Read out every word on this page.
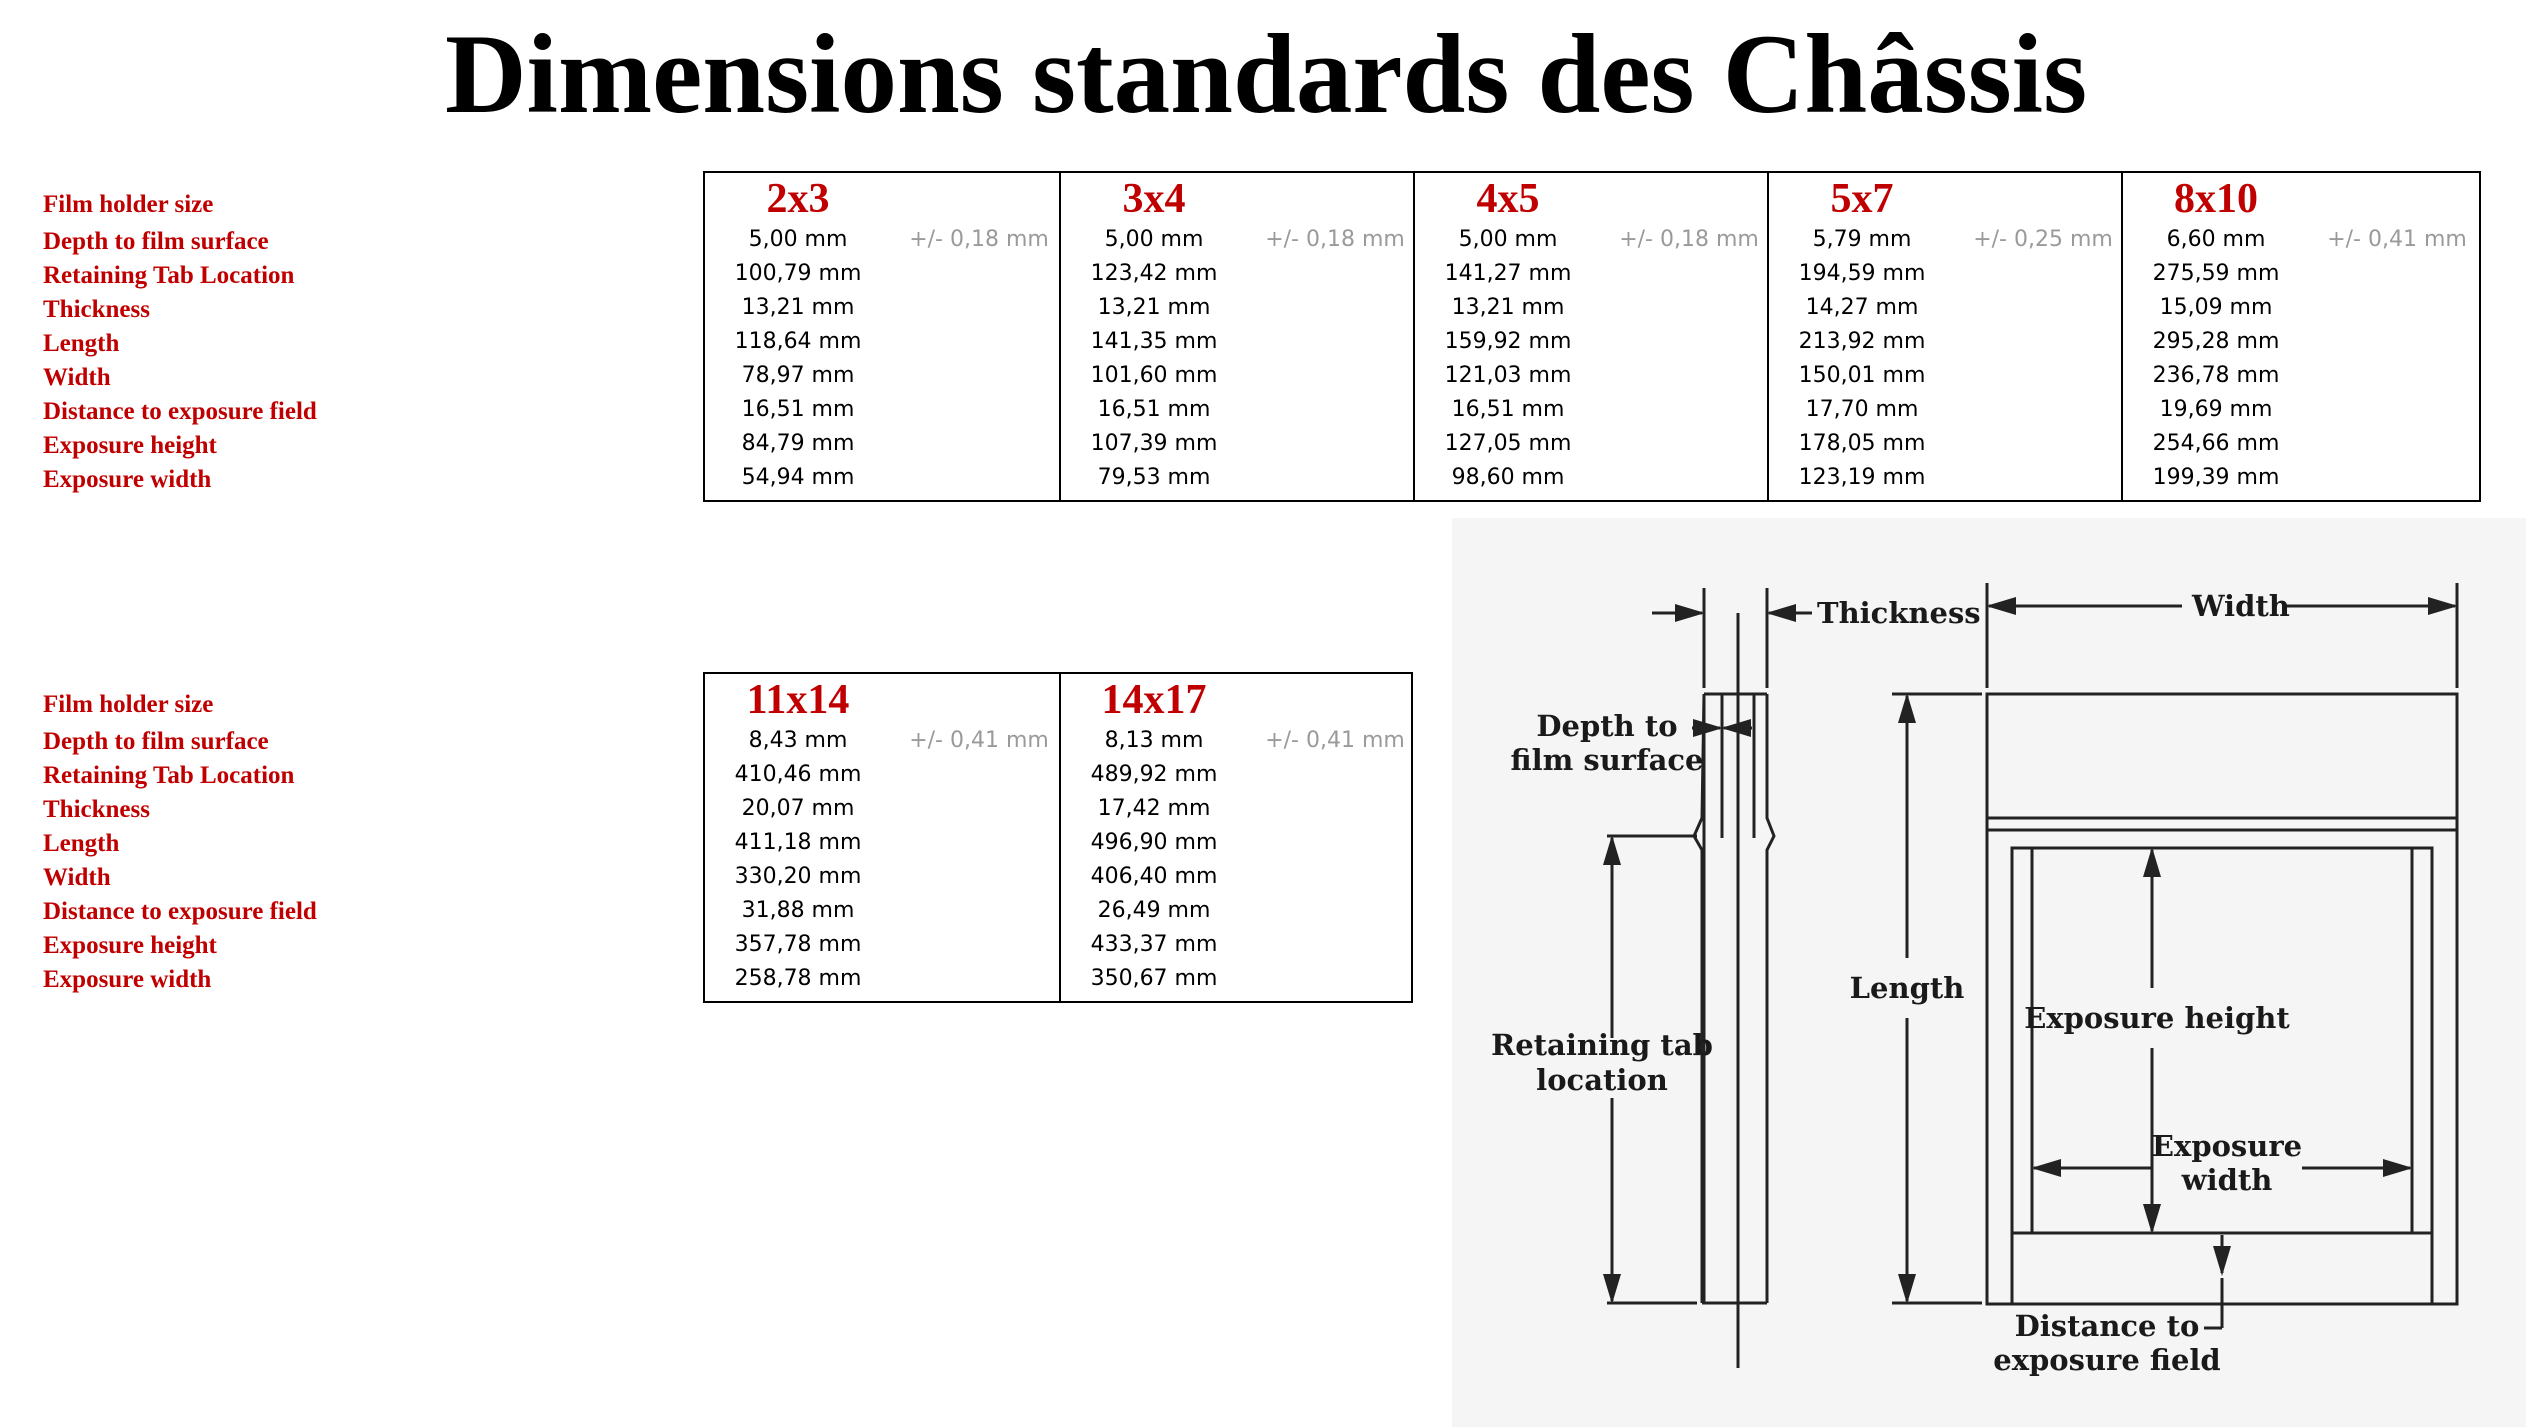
Dimensions standards des Châssis
Film holder size
Depth to film surface
Retaining Tab Location
Thickness
Length
Width
Distance to exposure field
Exposure height
Exposure width
Film holder size
Depth to film surface
Retaining Tab Location
Thickness
Length
Width
Distance to exposure field
Exposure height
Exposure width
2x3
+/- 0,18 mm
5,00 mm
100,79 mm
13,21 mm
118,64 mm
78,97 mm
16,51 mm
84,79 mm
54,94 mm
3x4
+/- 0,18 mm
5,00 mm
123,42 mm
13,21 mm
141,35 mm
101,60 mm
16,51 mm
107,39 mm
79,53 mm
4x5
+/- 0,18 mm
5,00 mm
141,27 mm
13,21 mm
159,92 mm
121,03 mm
16,51 mm
127,05 mm
98,60 mm
5x7
+/- 0,25 mm
5,79 mm
194,59 mm
14,27 mm
213,92 mm
150,01 mm
17,70 mm
178,05 mm
123,19 mm
8x10
+/- 0,41 mm
6,60 mm
275,59 mm
15,09 mm
295,28 mm
236,78 mm
19,69 mm
254,66 mm
199,39 mm
11x14
+/- 0,41 mm
8,43 mm
410,46 mm
20,07 mm
411,18 mm
330,20 mm
31,88 mm
357,78 mm
258,78 mm
14x17
+/- 0,41 mm
8,13 mm
489,92 mm
17,42 mm
496,90 mm
406,40 mm
26,49 mm
433,37 mm
350,67 mm
Thickness	Width
Depth to
film surface
Length
Retaining tab
location
Exposure height
Exposure
width
Distance to
exposure field
